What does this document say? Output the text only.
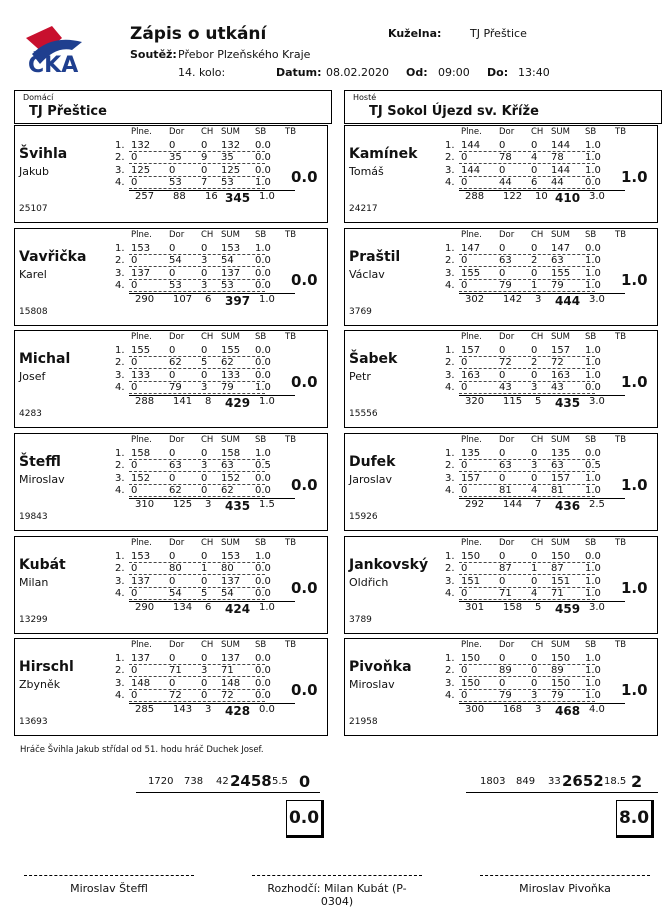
ČKA
Zápis o utkání
Soutěž: Přebor Plzeňského Kraje
14. kolo:	Datum: 08.02.2020 Od: 09:00 Do: 13:40
Kuželna:	TJ Přeštice
Domácí
TJ Přeštice
Hosté
TJ Sokol Újezd sv. Kříže
Švihla
Jakub
25107
0.0
Plne. Dor CH SUM SB TB
1. 132 0	0 132 0.0
2. 0	35 9 35 0.0
3. 125 0	0 125 0.0
4. 0	53 7 53 1.0
257 88 16 345 1.0
Kamínek
Tomáš
24217
1.0
Plne. Dor CH SUM SB TB
1. 144 0	0 144 1.0
2. 0	78 4 78 1.0
3. 144 0	0 144 1.0
4. 0	44 6 44 0.0
288 122 10 410 3.0
Vavřička
Karel
15808
0.0
Plne. Dor CH SUM SB TB
1. 153 0	0 153 1.0
2. 0	54 3 54 0.0
3. 137 0	0 137 0.0
4. 0	53 3 53 0.0
290 107 6 397 1.0
Praštil
Václav
3769
1.0
Plne. Dor CH SUM SB TB
1. 147 0	0 147 0.0
2. 0	63 2 63 1.0
3. 155 0	0 155 1.0
4. 0	79 1 79 1.0
302 142 3 444 3.0
Michal
Josef
4283
0.0
Plne. Dor CH SUM SB TB
1. 155 0	0 155 0.0
2. 0	62 5 62 0.0
3. 133 0	0 133 0.0
4. 0	79 3 79 1.0
288 141 8 429 1.0
Šabek
Petr
15556
1.0
Plne. Dor CH SUM SB TB
1. 157 0	0 157 1.0
2. 0	72 2 72 1.0
3. 163 0	0 163 1.0
4. 0	43 3 43 0.0
320 115 5 435 3.0
Šteffl
Miroslav
19843
0.0
Plne. Dor CH SUM SB TB
1. 158 0	0 158 1.0
2. 0	63 3 63 0.5
3. 152 0	0 152 0.0
4. 0	62 0 62 0.0
310 125 3 435 1.5
Dufek
Jaroslav
15926
1.0
Plne. Dor CH SUM SB TB
1. 135 0	0 135 0.0
2. 0	63 3 63 0.5
3. 157 0	0 157 1.0
4. 0	81 4 81 1.0
292 144 7 436 2.5
Kubát
Milan
13299
0.0
Plne. Dor CH SUM SB TB
1. 153 0	0 153 1.0
2. 0	80 1 80 0.0
3. 137 0	0 137 0.0
4. 0	54 5 54 0.0
290 134 6 424 1.0
Jankovský
Oldřich
3789
1.0
Plne. Dor CH SUM SB TB
1. 150 0	0 150 0.0
2. 0	87 1 87 1.0
3. 151 0	0 151 1.0
4. 0	71 4 71 1.0
301 158 5 459 3.0
Hirschl
Zbyněk
13693
0.0
Plne. Dor CH SUM SB TB
1. 137 0	0 137 0.0
2. 0	71 3 71 0.0
3. 148 0	0 148 0.0
4. 0	72 0 72 0.0
285 143 3 428 0.0
Pivoňka
Miroslav
21958
1.0
Plne. Dor CH SUM SB TB
1. 150 0	0 150 1.0
2. 0	89 0 89 1.0
3. 150 0	0 150 1.0
4. 0	79 3 79 1.0
300 168 3 468 4.0
Hráče Švihla Jakub střídal od 51. hodu hráč Duchek Josef.
1720 738 42 2458 5.5 0	1803 849 33 2652 18.5 2
0.0	8.0
Miroslav Šteffl	Rozhodčí: Milan Kubát (P-0304)
Miroslav Pivoňka
